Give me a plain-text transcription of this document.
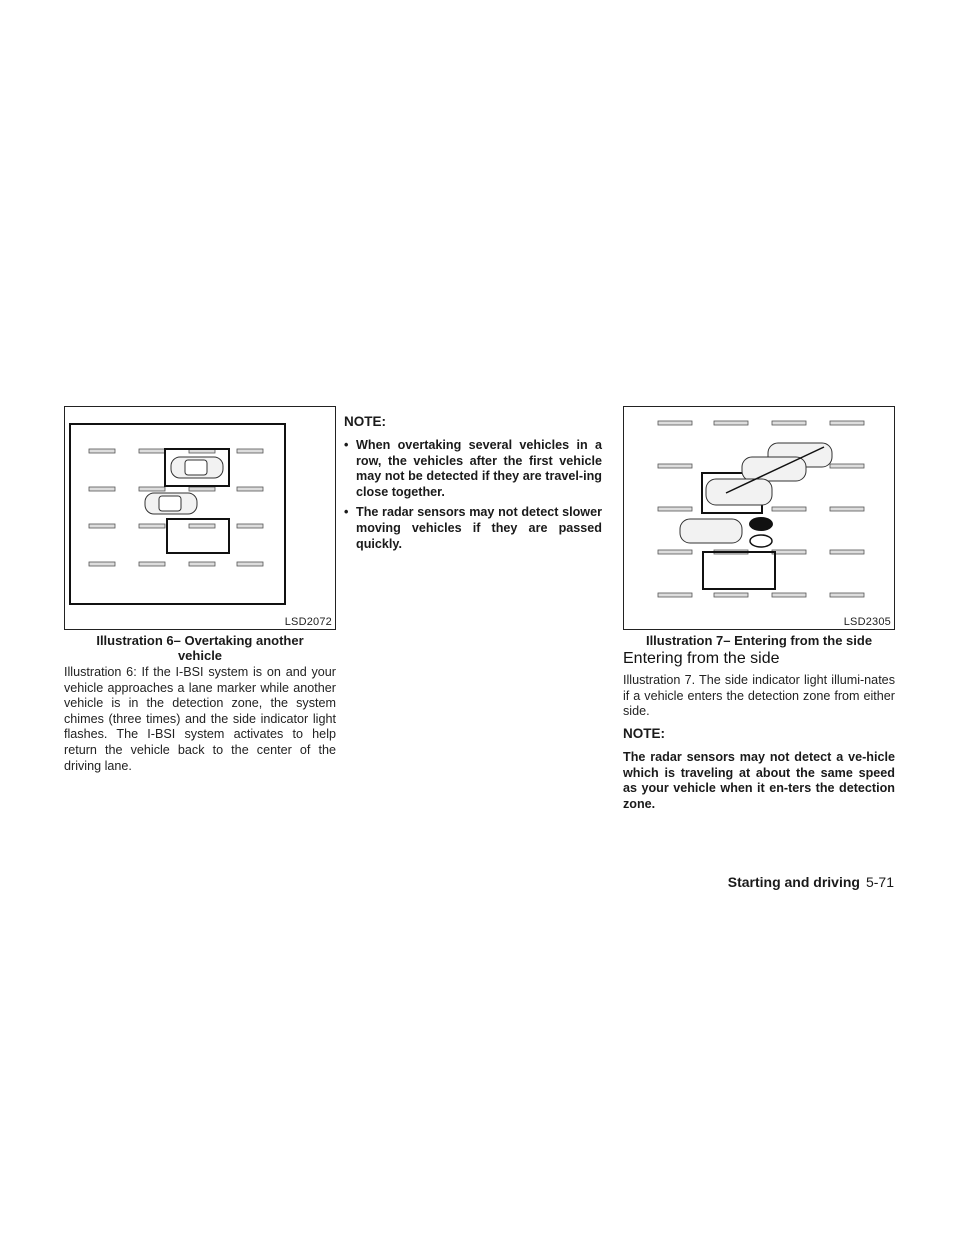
LSD2072
Illustration 6– Overtaking another
vehicle

Illustration 6: If the I-BSI system is on and your vehicle approaches a lane marker while another vehicle is in the detection zone, the system chimes (three times) and the side indicator light flashes. The I-BSI system activates to help return the vehicle back to the center of the driving lane.

NOTE:

• When overtaking several vehicles in a row, the vehicles after the first vehicle may not be detected if they are travel-ing close together.
• The radar sensors may not detect slower moving vehicles if they are passed quickly.
LSD2305
Illustration 7– Entering from the side
Entering from the side

Illustration 7. The side indicator light illumi-nates if a vehicle enters the detection zone from either side.

NOTE:

The radar sensors may not detect a ve-hicle which is traveling at about the same speed as your vehicle when it en-ters the detection zone.

Starting and driving 5-71
